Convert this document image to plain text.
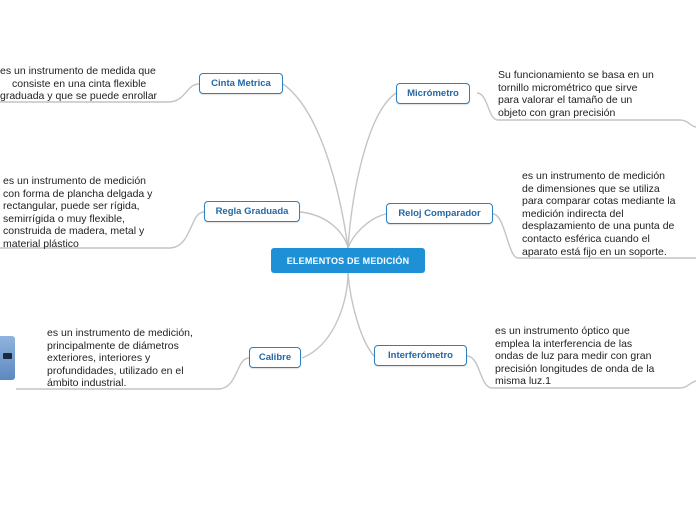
ELEMENTOS DE MEDICIÓN
Cinta Metrica
Regla Graduada
Calibre
Micrómetro
Reloj Comparador
Interferómetro
es un instrumento de medida que
consiste en una cinta flexible
graduada y que se puede enrollar
es un instrumento de medición
con forma de plancha delgada y
rectangular, puede ser rígida,
semirrígida o muy flexible,
construida de madera, metal y
material plástico
es un instrumento de medición,
principalmente de diámetros
exteriores, interiores y
profundidades, utilizado en el
ámbito industrial.
Su funcionamiento se basa en un
tornillo micrométrico que sirve
para valorar el tamaño de un
objeto con gran precisión
es un instrumento de medición
de dimensiones que se utiliza
para comparar cotas mediante la
medición indirecta del
desplazamiento de una punta de
contacto esférica cuando el
aparato está fijo en un soporte.
es un instrumento óptico que
emplea la interferencia de las
ondas de luz para medir con gran
precisión longitudes de onda de la
misma luz.1
